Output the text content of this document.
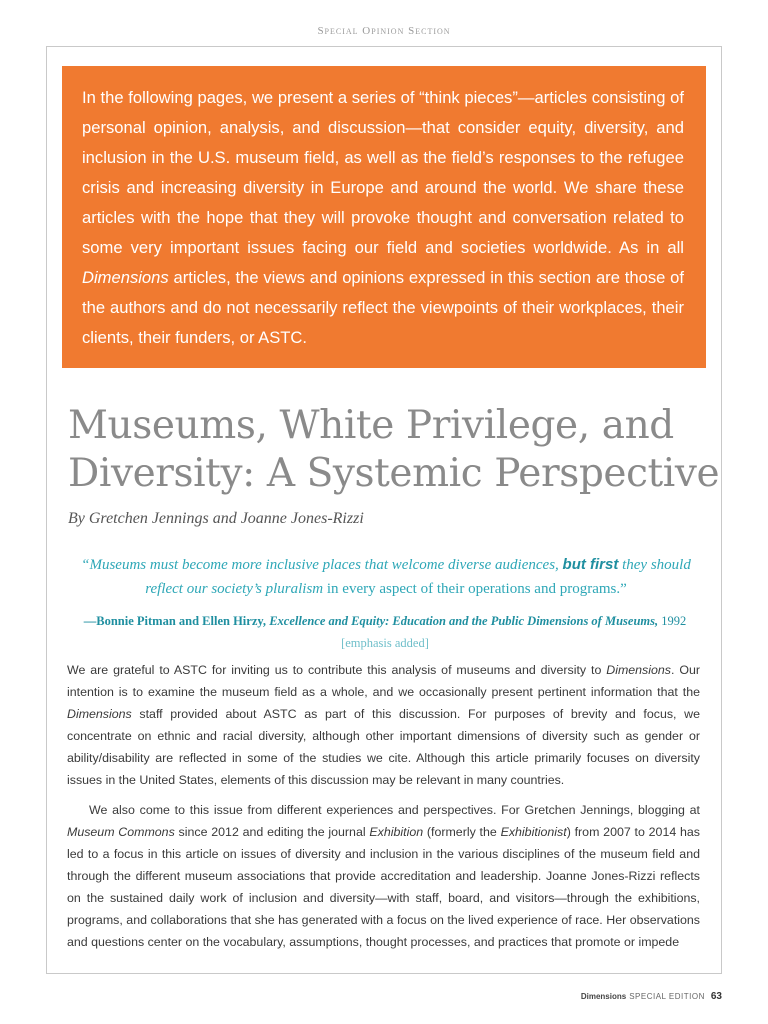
Special Opinion Section
In the following pages, we present a series of “think pieces”—articles consisting of personal opinion, analysis, and discussion—that consider equity, diversity, and inclusion in the U.S. museum field, as well as the field’s responses to the refugee crisis and increasing diversity in Europe and around the world. We share these articles with the hope that they will provoke thought and conversation related to some very important issues facing our field and societies worldwide. As in all Dimensions articles, the views and opinions expressed in this section are those of the authors and do not necessarily reflect the viewpoints of their workplaces, their clients, their funders, or ASTC.
Museums, White Privilege, and
Diversity: A Systemic Perspective
By Gretchen Jennings and Joanne Jones-Rizzi
“Museums must become more inclusive places that welcome diverse audiences, but first they should reflect our society’s pluralism in every aspect of their operations and programs.”
—Bonnie Pitman and Ellen Hirzy, Excellence and Equity: Education and the Public Dimensions of Museums, 1992
[emphasis added]

We are grateful to ASTC for inviting us to contribute this analysis of museums and diversity to Dimensions. Our intention is to examine the museum field as a whole, and we occasionally present pertinent information that the Dimensions staff provided about ASTC as part of this discussion. For purposes of brevity and focus, we concentrate on ethnic and racial diversity, although other important dimensions of diversity such as gender or ability/disability are reflected in some of the studies we cite. Although this article primarily focuses on diversity issues in the United States, elements of this discussion may be relevant in many countries.

We also come to this issue from different experiences and perspectives. For Gretchen Jennings, blogging at Museum Commons since 2012 and editing the journal Exhibition (formerly the Exhibitionist) from 2007 to 2014 has led to a focus in this article on issues of diversity and inclusion in the various disciplines of the museum field and through the different museum associations that provide accreditation and leadership. Joanne Jones-Rizzi reflects on the sustained daily work of inclusion and diversity—with staff, board, and visitors—through the exhibitions, programs, and collaborations that she has generated with a focus on the lived experience of race. Her observations and questions center on the vocabulary, assumptions, thought processes, and practices that promote or impede

Dimensions SPECIAL EDITION 63
